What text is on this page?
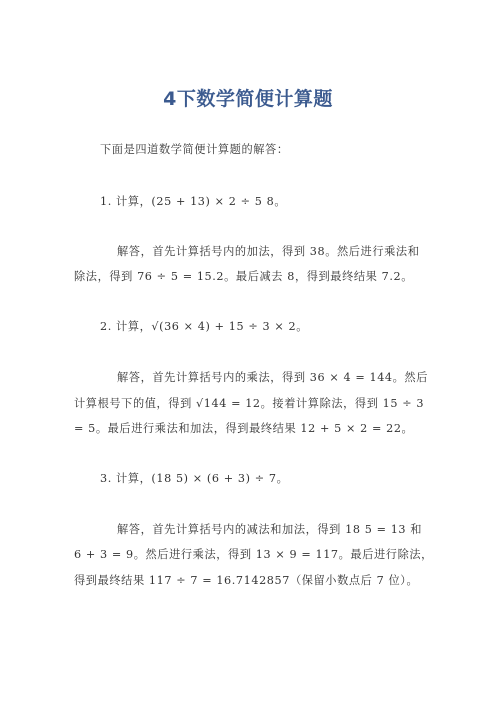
4下数学简便计算题
下面是四道数学简便计算题的解答：
1. 计算，(25 + 13) × 2 ÷ 5 8。
解答，首先计算括号内的加法，得到 38。然后进行乘法和
除法，得到 76 ÷ 5 = 15.2。最后减去 8，得到最终结果 7.2。
2. 计算，√(36 × 4) + 15 ÷ 3 × 2。
解答，首先计算括号内的乘法，得到 36 × 4 = 144。然后
计算根号下的值，得到 √144 = 12。接着计算除法，得到 15 ÷ 3
= 5。最后进行乘法和加法，得到最终结果 12 + 5 × 2 = 22。
3. 计算，(18 5) × (6 + 3) ÷ 7。
解答，首先计算括号内的减法和加法，得到 18 5 = 13 和
6 + 3 = 9。然后进行乘法，得到 13 × 9 = 117。最后进行除法，
得到最终结果 117 ÷ 7 = 16.7142857（保留小数点后 7 位）。
